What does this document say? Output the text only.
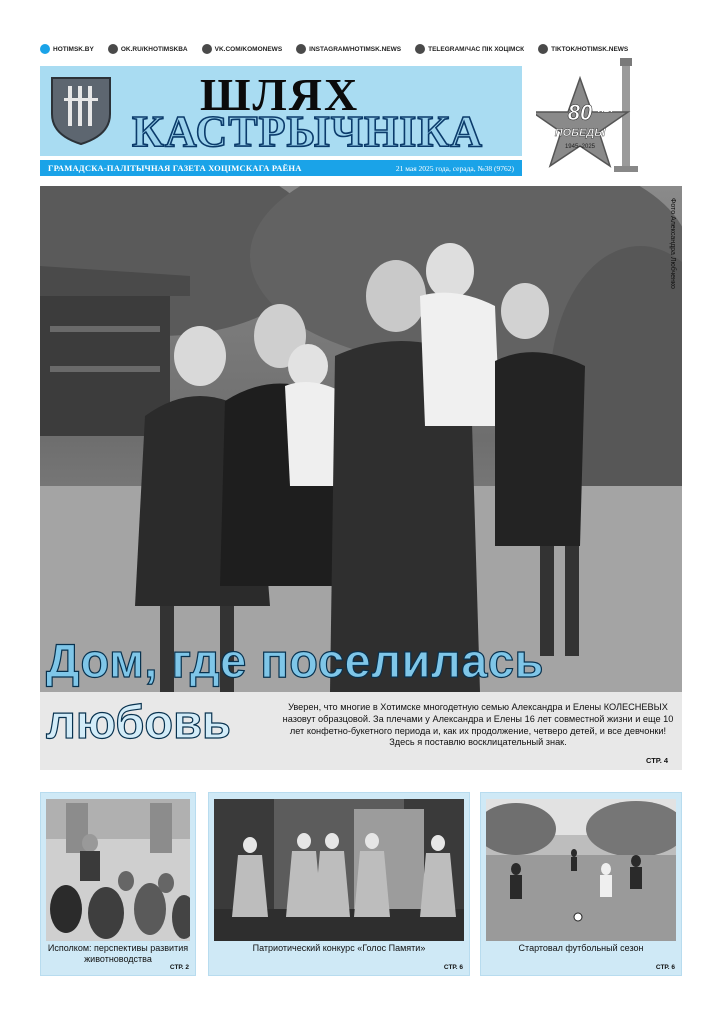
HOTIMSK.BY	OK.RU/KHOTIMSKBA	VK.COM/KOMONEWS	INSTAGRAM/HOTIMSK.NEWS	TELEGRAM/ЧАС ПІК ХОЦІМСК	TIKTOK/HOTIMSK.NEWS
ШЛЯХ
КАСТРЫЧНІКА
ГРАМАДСКА-ПАЛІТЫЧНАЯ ГАЗЕТА ХОЦІМСКАГА РАЁНА	21 мая 2025 года, серада, №38 (9762)
80 ЛЕТ
ПОБЕДЫ
1945–2025
Фото Александра Любченко
Дом, где поселилась
любовь	Уверен, что многие в Хотимске многодетную семью Александра и Елены КОЛЕСНЕВЫХ назовут образцовой. За плечами у Александра и Елены 16 лет совместной жизни и еще 10 лет конфетно-букетного периода и, как их продолжение, четверо детей, и все девчонки! Здесь я поставлю восклицательный знак.
СТР. 4
Исполком: перспективы развития животноводства
СТР. 2
Патриотический конкурс «Голос Памяти»
СТР. 6
Стартовал футбольный сезон
СТР. 6
